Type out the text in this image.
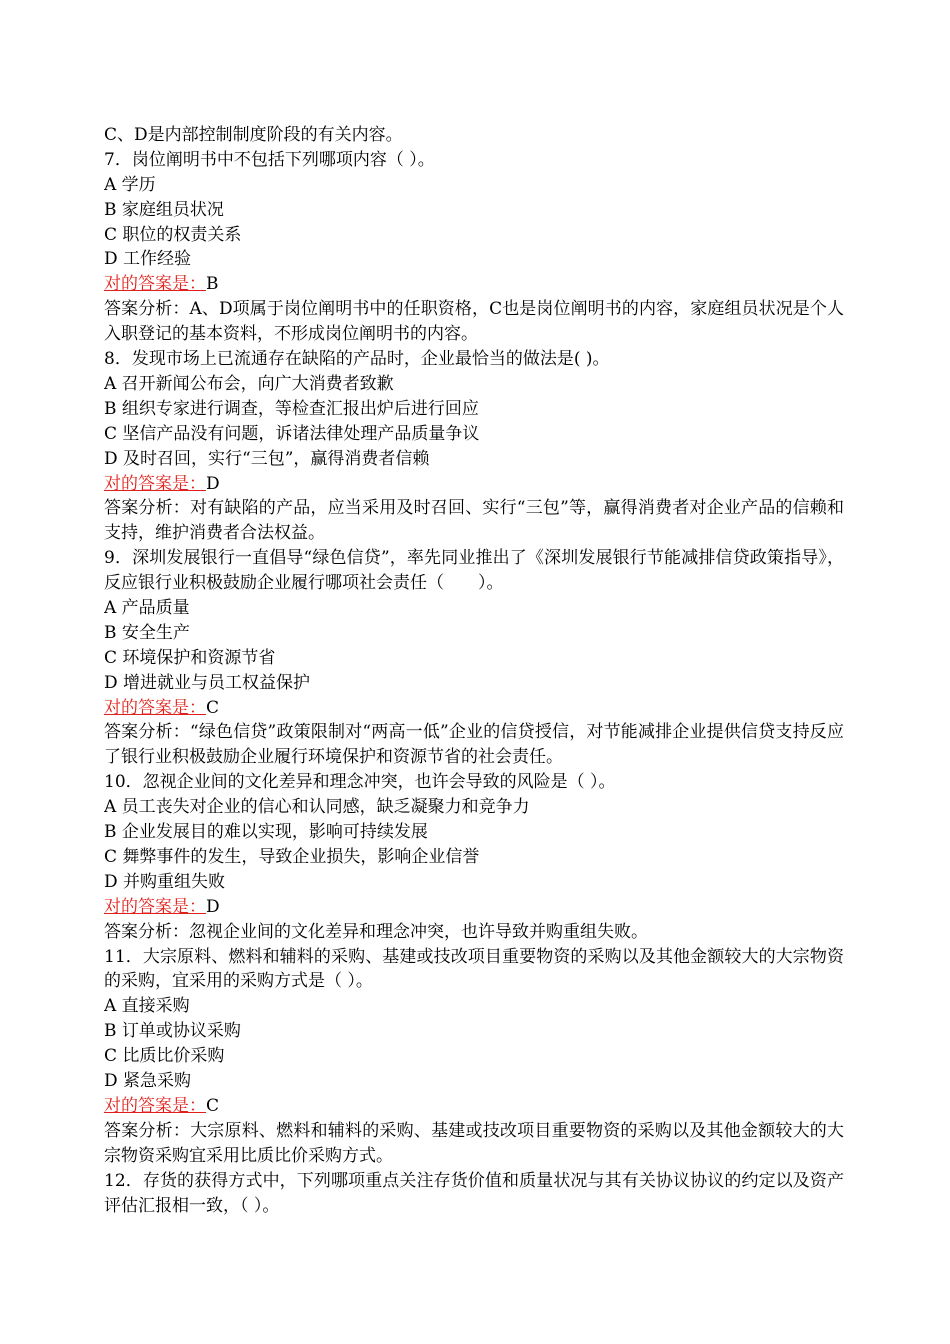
C、D是内部控制制度阶段的有关内容。
7．岗位阐明书中不包括下列哪项内容（ ）。
A 学历
B 家庭组员状况
C 职位的权责关系
D 工作经验
对的答案是：B
答案分析：A、D项属于岗位阐明书中的任职资格，C也是岗位阐明书的内容，家庭组员状况是个人入职登记的基本资料，不形成岗位阐明书的内容。
8．发现市场上已流通存在缺陷的产品时，企业最恰当的做法是( )。
A 召开新闻公布会，向广大消费者致歉
B 组织专家进行调查，等检查汇报出炉后进行回应
C 坚信产品没有问题，诉诸法律处理产品质量争议
D 及时召回，实行“三包”，赢得消费者信赖
对的答案是：D
答案分析：对有缺陷的产品，应当采用及时召回、实行“三包”等，赢得消费者对企业产品的信赖和支持，维护消费者合法权益。
9．深圳发展银行一直倡导“绿色信贷”，率先同业推出了《深圳发展银行节能减排信贷政策指导》，反应银行业积极鼓励企业履行哪项社会责任（　　）。
A 产品质量
B 安全生产
C 环境保护和资源节省
D 增进就业与员工权益保护
对的答案是：C
答案分析：“绿色信贷”政策限制对“两高一低”企业的信贷授信，对节能减排企业提供信贷支持反应了银行业积极鼓励企业履行环境保护和资源节省的社会责任。
10．忽视企业间的文化差异和理念冲突，也许会导致的风险是（ ）。
A 员工丧失对企业的信心和认同感，缺乏凝聚力和竞争力
B 企业发展目的难以实现，影响可持续发展
C 舞弊事件的发生，导致企业损失，影响企业信誉
D 并购重组失败
对的答案是：D
答案分析：忽视企业间的文化差异和理念冲突，也许导致并购重组失败。
11．大宗原料、燃料和辅料的采购、基建或技改项目重要物资的采购以及其他金额较大的大宗物资的采购，宜采用的采购方式是（ ）。
A 直接采购
B 订单或协议采购
C 比质比价采购
D 紧急采购
对的答案是：C
答案分析：大宗原料、燃料和辅料的采购、基建或技改项目重要物资的采购以及其他金额较大的大宗物资采购宜采用比质比价采购方式。
12．存货的获得方式中，下列哪项重点关注存货价值和质量状况与其有关协议协议的约定以及资产评估汇报相一致，（ ）。
